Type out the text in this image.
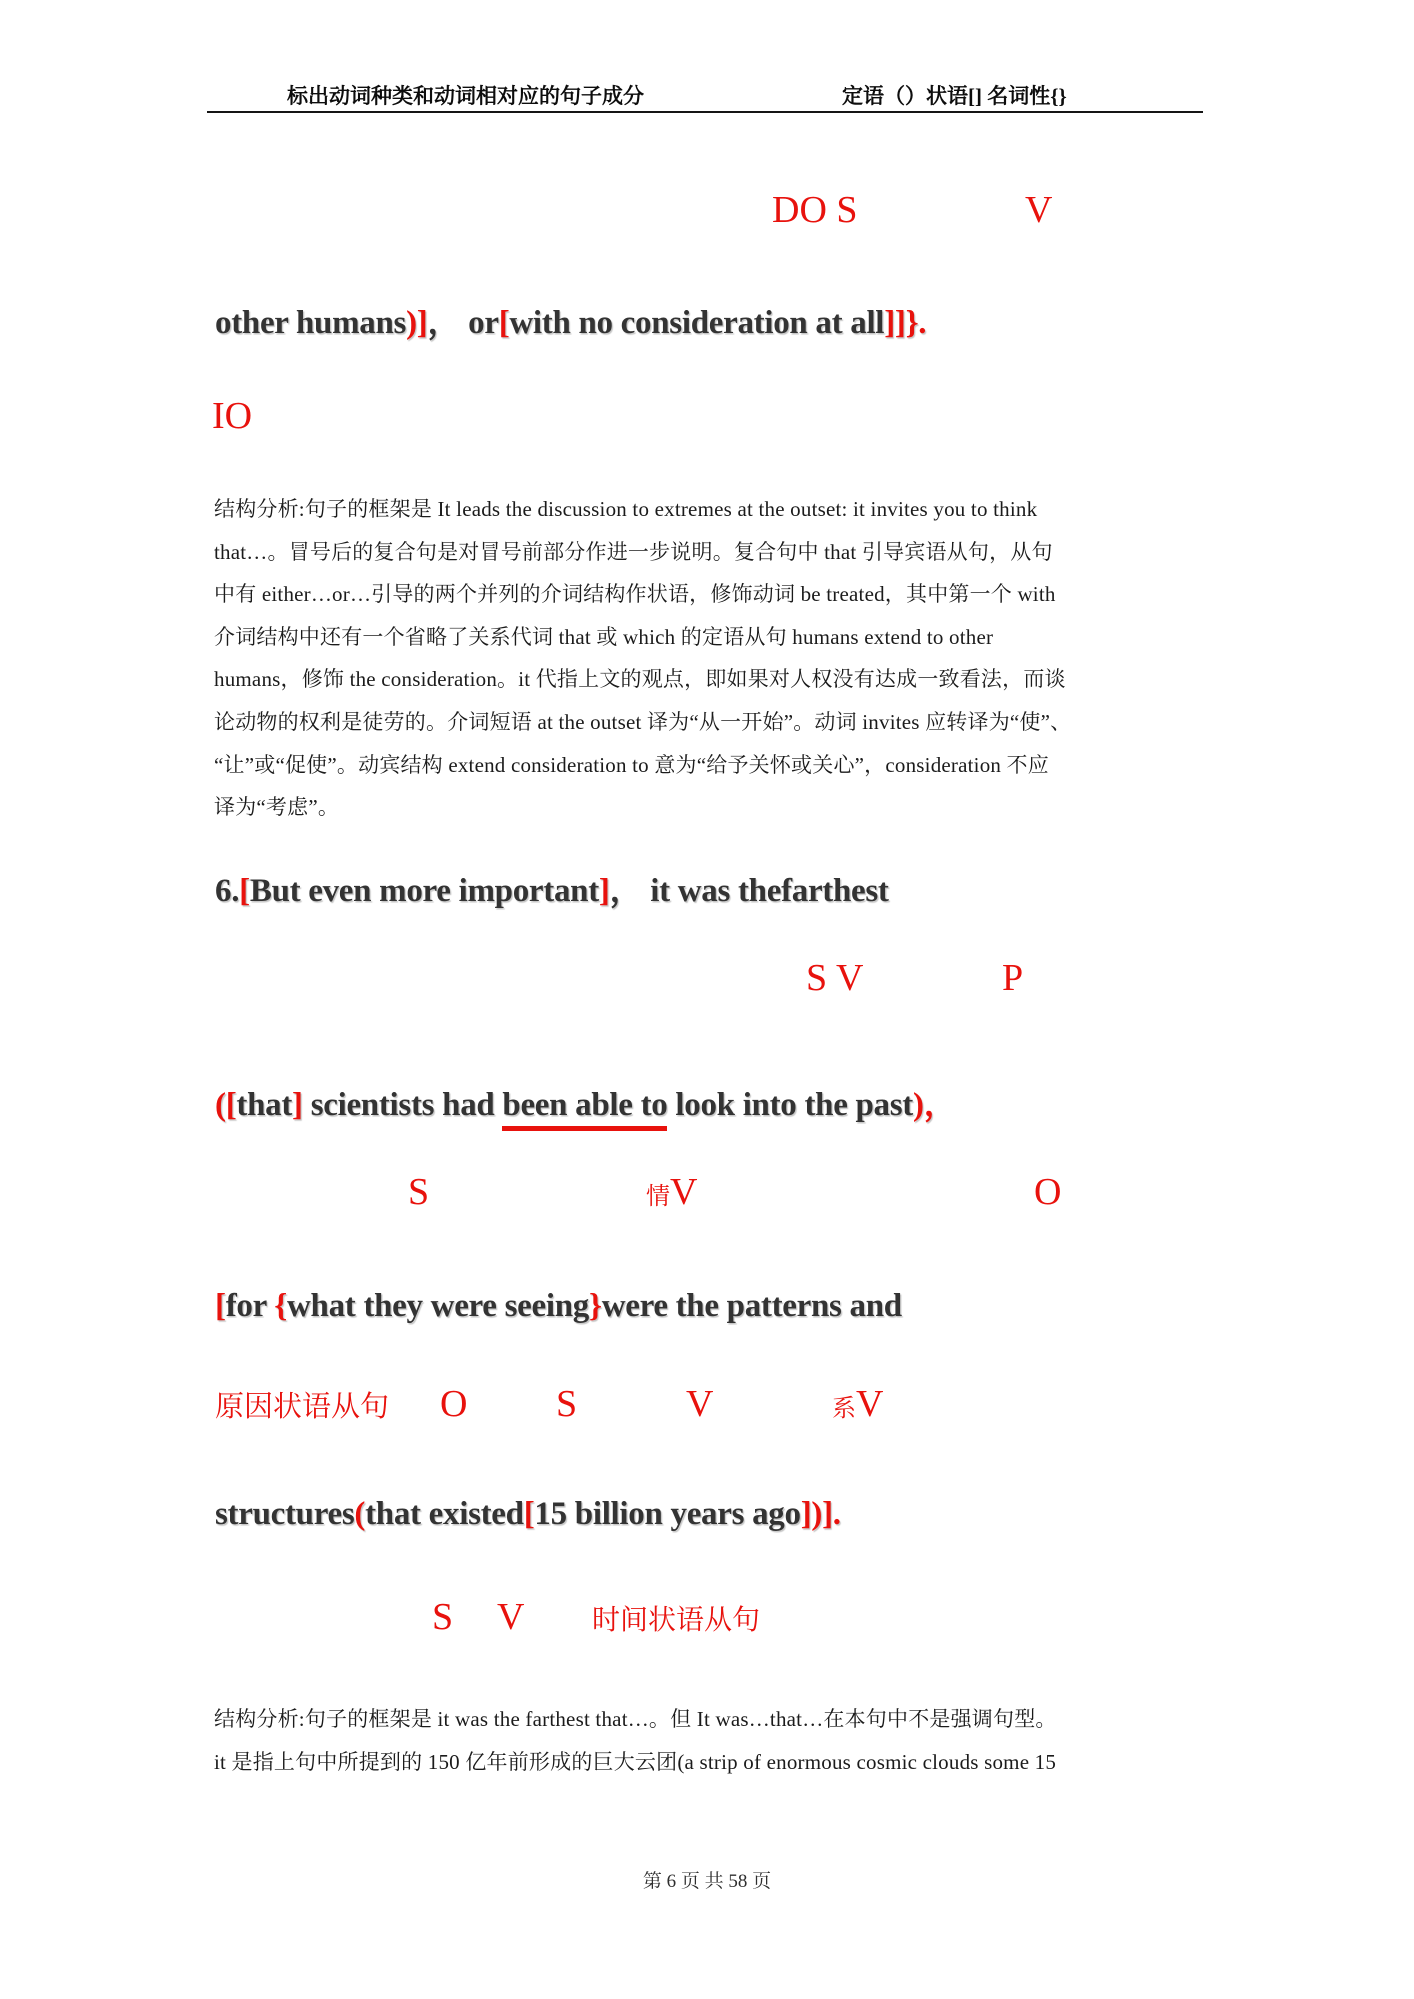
标出动词种类和动词相对应的句子成分	定语（）状语[] 名词性{}
DO S	V
other humans)]， or[with no consideration at all]]}.
IO
结构分析:句子的框架是 It leads the discussion to extremes at the outset: it invites you to think
that…。冒号后的复合句是对冒号前部分作进一步说明。复合句中 that 引导宾语从句，从句
中有 either…or…引导的两个并列的介词结构作状语，修饰动词 be treated，其中第一个 with
介词结构中还有一个省略了关系代词 that 或 which 的定语从句 humans extend to other
humans，修饰 the consideration。it 代指上文的观点，即如果对人权没有达成一致看法，而谈
论动物的权利是徒劳的。介词短语 at the outset 译为“从一开始”。动词 invites 应转译为“使”、
“让”或“促使”。动宾结构 extend consideration to 意为“给予关怀或关心”，consideration 不应
译为“考虑”。
6.[But even more important]， it was thefarthest
S V	P
([that] scientists had been able to look into the past)，
S	情V	O
[for {what they were seeing}were the patterns and
原因状语从句 O S	V	系V
structures(that existed[15 billion years ago])].
S V 时间状语从句
结构分析:句子的框架是 it was the farthest that…。但 It was…that…在本句中不是强调句型。
it 是指上句中所提到的 150 亿年前形成的巨大云团(a strip of enormous cosmic clouds some 15
第 6 页 共 58 页
